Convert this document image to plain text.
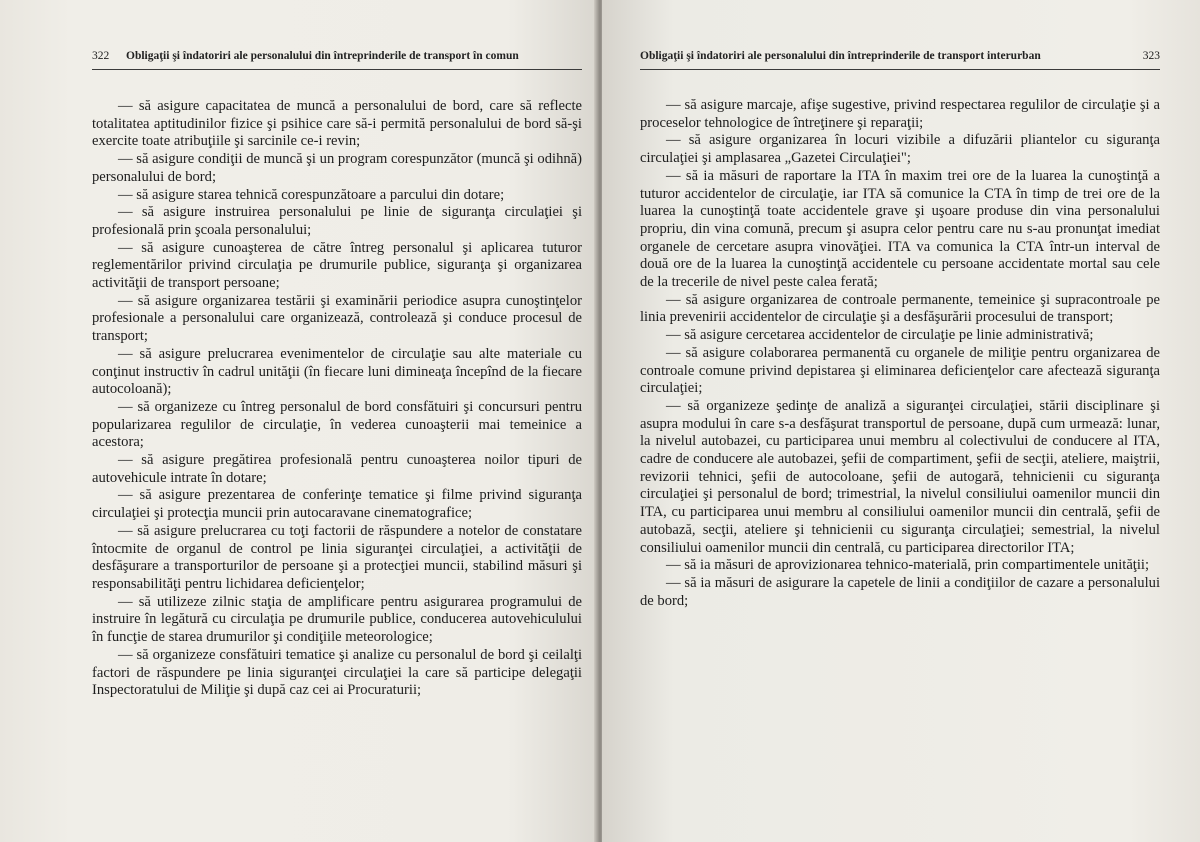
322 Obligaţii şi îndatoriri ale personalului din întreprinderile de transport în comun

— să asigure capacitatea de muncă a personalului de bord, care să reflecte totalitatea aptitudinilor fizice şi psihice care să-i permită personalului de bord să-şi exercite toate atribuţiile şi sarcinile ce-i revin;

— să asigure condiţii de muncă şi un program corespunzător (muncă şi odihnă) personalului de bord;

— să asigure starea tehnică corespunzătoare a parcului din dotare;

— să asigure instruirea personalului pe linie de siguranţa circulaţiei şi profesională prin şcoala personalului;

— să asigure cunoaşterea de către întreg personalul şi aplicarea tuturor reglementărilor privind circulaţia pe drumurile publice, siguranţa şi organizarea activităţii de transport persoane;

— să asigure organizarea testării şi examinării periodice asupra cunoştinţelor profesionale a personalului care organizează, controlează şi conduce procesul de transport;

— să asigure prelucrarea evenimentelor de circulaţie sau alte materiale cu conţinut instructiv în cadrul unităţii (în fiecare luni dimineaţa începînd de la fiecare autocoloană);

— să organizeze cu întreg personalul de bord consfătuiri şi concursuri pentru popularizarea regulilor de circulaţie, în vederea cunoaşterii mai temeinice a acestora;

— să asigure pregătirea profesională pentru cunoaşterea noilor tipuri de autovehicule intrate în dotare;

— să asigure prezentarea de conferinţe tematice şi filme privind siguranţa circulaţiei şi protecţia muncii prin autocaravane cinematografice;

— să asigure prelucrarea cu toţi factorii de răspundere a notelor de constatare întocmite de organul de control pe linia siguranţei circulaţiei, a activităţii de desfăşurare a transporturilor de persoane şi a protecţiei muncii, stabilind măsuri şi responsabilităţi pentru lichidarea deficienţelor;

— să utilizeze zilnic staţia de amplificare pentru asigurarea programului de instruire în legătură cu circulaţia pe drumurile publice, conducerea autovehiculului în funcţie de starea drumurilor şi condiţiile meteorologice;

— să organizeze consfătuiri tematice şi analize cu personalul de bord şi ceilalţi factori de răspundere pe linia siguranţei circulaţiei la care să participe delegaţii Inspectoratului de Miliţie şi după caz cei ai Procuraturii;

Obligaţii şi îndatoriri ale personalului din întreprinderile de transport interurban	323

— să asigure marcaje, afişe sugestive, privind respectarea regulilor de circulaţie şi a proceselor tehnologice de întreţinere şi reparaţii;

— să asigure organizarea în locuri vizibile a difuzării pliantelor cu siguranţa circulaţiei şi amplasarea „Gazetei Circulaţiei";

— să ia măsuri de raportare la ITA în maxim trei ore de la luarea la cunoştinţă a tuturor accidentelor de circulaţie, iar ITA să comunice la CTA în timp de trei ore de la luarea la cunoştinţă toate accidentele grave şi uşoare produse din vina personalului propriu, din vina comună, precum şi asupra celor pentru care nu s-au pronunţat imediat organele de cercetare asupra vinovăţiei. ITA va comunica la CTA într-un interval de două ore de la luarea la cunoştinţă accidentele cu persoane accidentate mortal sau cele de la trecerile de nivel peste calea ferată;

— să asigure organizarea de controale permanente, temeinice şi supracontroale pe linia prevenirii accidentelor de circulaţie şi a desfăşurării procesului de transport;

— să asigure cercetarea accidentelor de circulaţie pe linie administrativă;

— să asigure colaborarea permanentă cu organele de miliţie pentru organizarea de controale comune privind depistarea şi eliminarea deficienţelor care afectează siguranţa circulaţiei;

— să organizeze şedinţe de analiză a siguranţei circulaţiei, stării disciplinare şi asupra modului în care s-a desfăşurat transportul de persoane, după cum urmează: lunar, la nivelul autobazei, cu participarea unui membru al colectivului de conducere al ITA, cadre de conducere ale autobazei, şefii de compartiment, şefii de secţii, ateliere, maiştrii, revizorii tehnici, şefii de autocoloane, şefii de autogară, tehnicienii cu siguranţa circulaţiei şi personalul de bord; trimestrial, la nivelul consiliului oamenilor muncii din ITA, cu participarea unui membru al consiliului oamenilor muncii din centrală, şefii de autobază, secţii, ateliere şi tehnicienii cu siguranţa circulaţiei; semestrial, la nivelul consiliului oamenilor muncii din centrală, cu participarea directorilor ITA;

— să ia măsuri de aprovizionarea tehnico-materială, prin compartimentele unităţii;

— să ia măsuri de asigurare la capetele de linii a condiţiilor de cazare a personalului de bord;
